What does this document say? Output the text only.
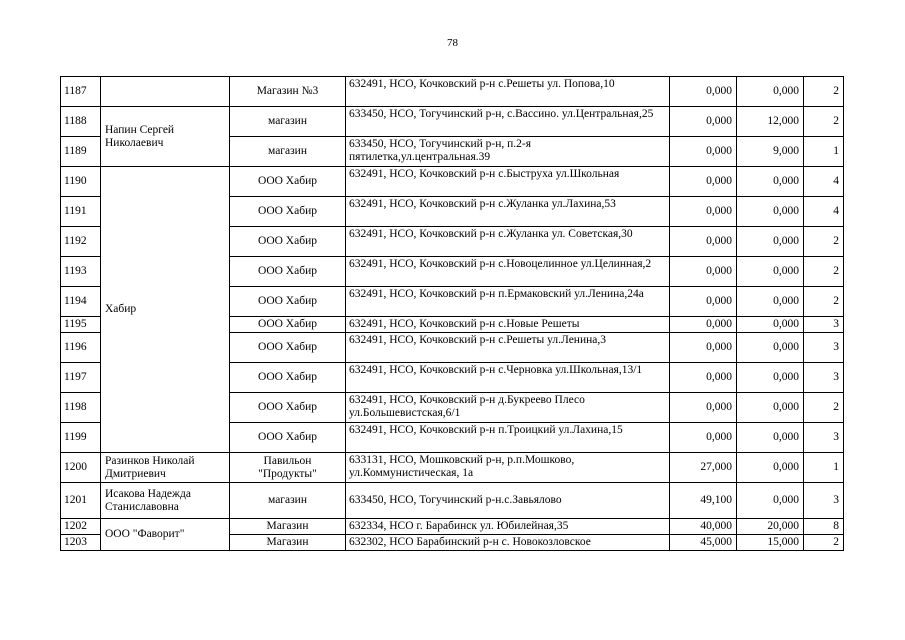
78
1187		Магазин №3	632491, НСО, Кочковский р-н с.Решеты ул. Попова,10	0,000	0,000	2
1188	Напин Сергей Николаевич	магазин	633450, НСО, Тогучинский р-н, с.Вассино. ул.Центральная,25	0,000	12,000	2
1189		магазин	633450, НСО, Тогучинский р-н, п.2-я пятилетка,ул.центральная.39	0,000	9,000	1
1190	Хабир	ООО Хабир	632491, НСО, Кочковский р-н с.Быструха ул.Школьная	0,000	0,000	4
1191		ООО Хабир	632491, НСО, Кочковский р-н с.Жуланка ул.Лахина,53	0,000	0,000	4
1192		ООО Хабир	632491, НСО, Кочковский р-н с.Жуланка ул. Советская,30	0,000	0,000	2
1193		ООО Хабир	632491, НСО, Кочковский р-н с.Новоцелинное ул.Целинная,2	0,000	0,000	2
1194		ООО Хабир	632491, НСО, Кочковский р-н п.Ермаковский ул.Ленина,24а	0,000	0,000	2
1195		ООО Хабир	632491, НСО, Кочковский р-н с.Новые Решеты	0,000	0,000	3
1196		ООО Хабир	632491, НСО, Кочковский р-н с.Решеты ул.Ленина,3	0,000	0,000	3
1197		ООО Хабир	632491, НСО, Кочковский р-н с.Черновка ул.Школьная,13/1	0,000	0,000	3
1198		ООО Хабир	632491, НСО, Кочковский р-н д.Букреево Плесо ул.Большевистская,6/1	0,000	0,000	2
1199		ООО Хабир	632491, НСО, Кочковский р-н п.Троицкий ул.Лахина,15	0,000	0,000	3
1200	Разинков Николай Дмитриевич	Павильон "Продукты"	633131, НСО, Мошковский р-н, р.п.Мошково, ул.Коммунистическая, 1а	27,000	0,000	1
1201	Исакова Надежда Станиславовна	магазин	633450, НСО, Тогучинский р-н.с.Завьялово	49,100	0,000	3
1202	ООО "Фаворит"	Магазин	632334, НСО г. Барабинск ул. Юбилейная,35	40,000	20,000	8
1203		Магазин	632302, НСО Барабинский р-н с. Новокозловское	45,000	15,000	2
